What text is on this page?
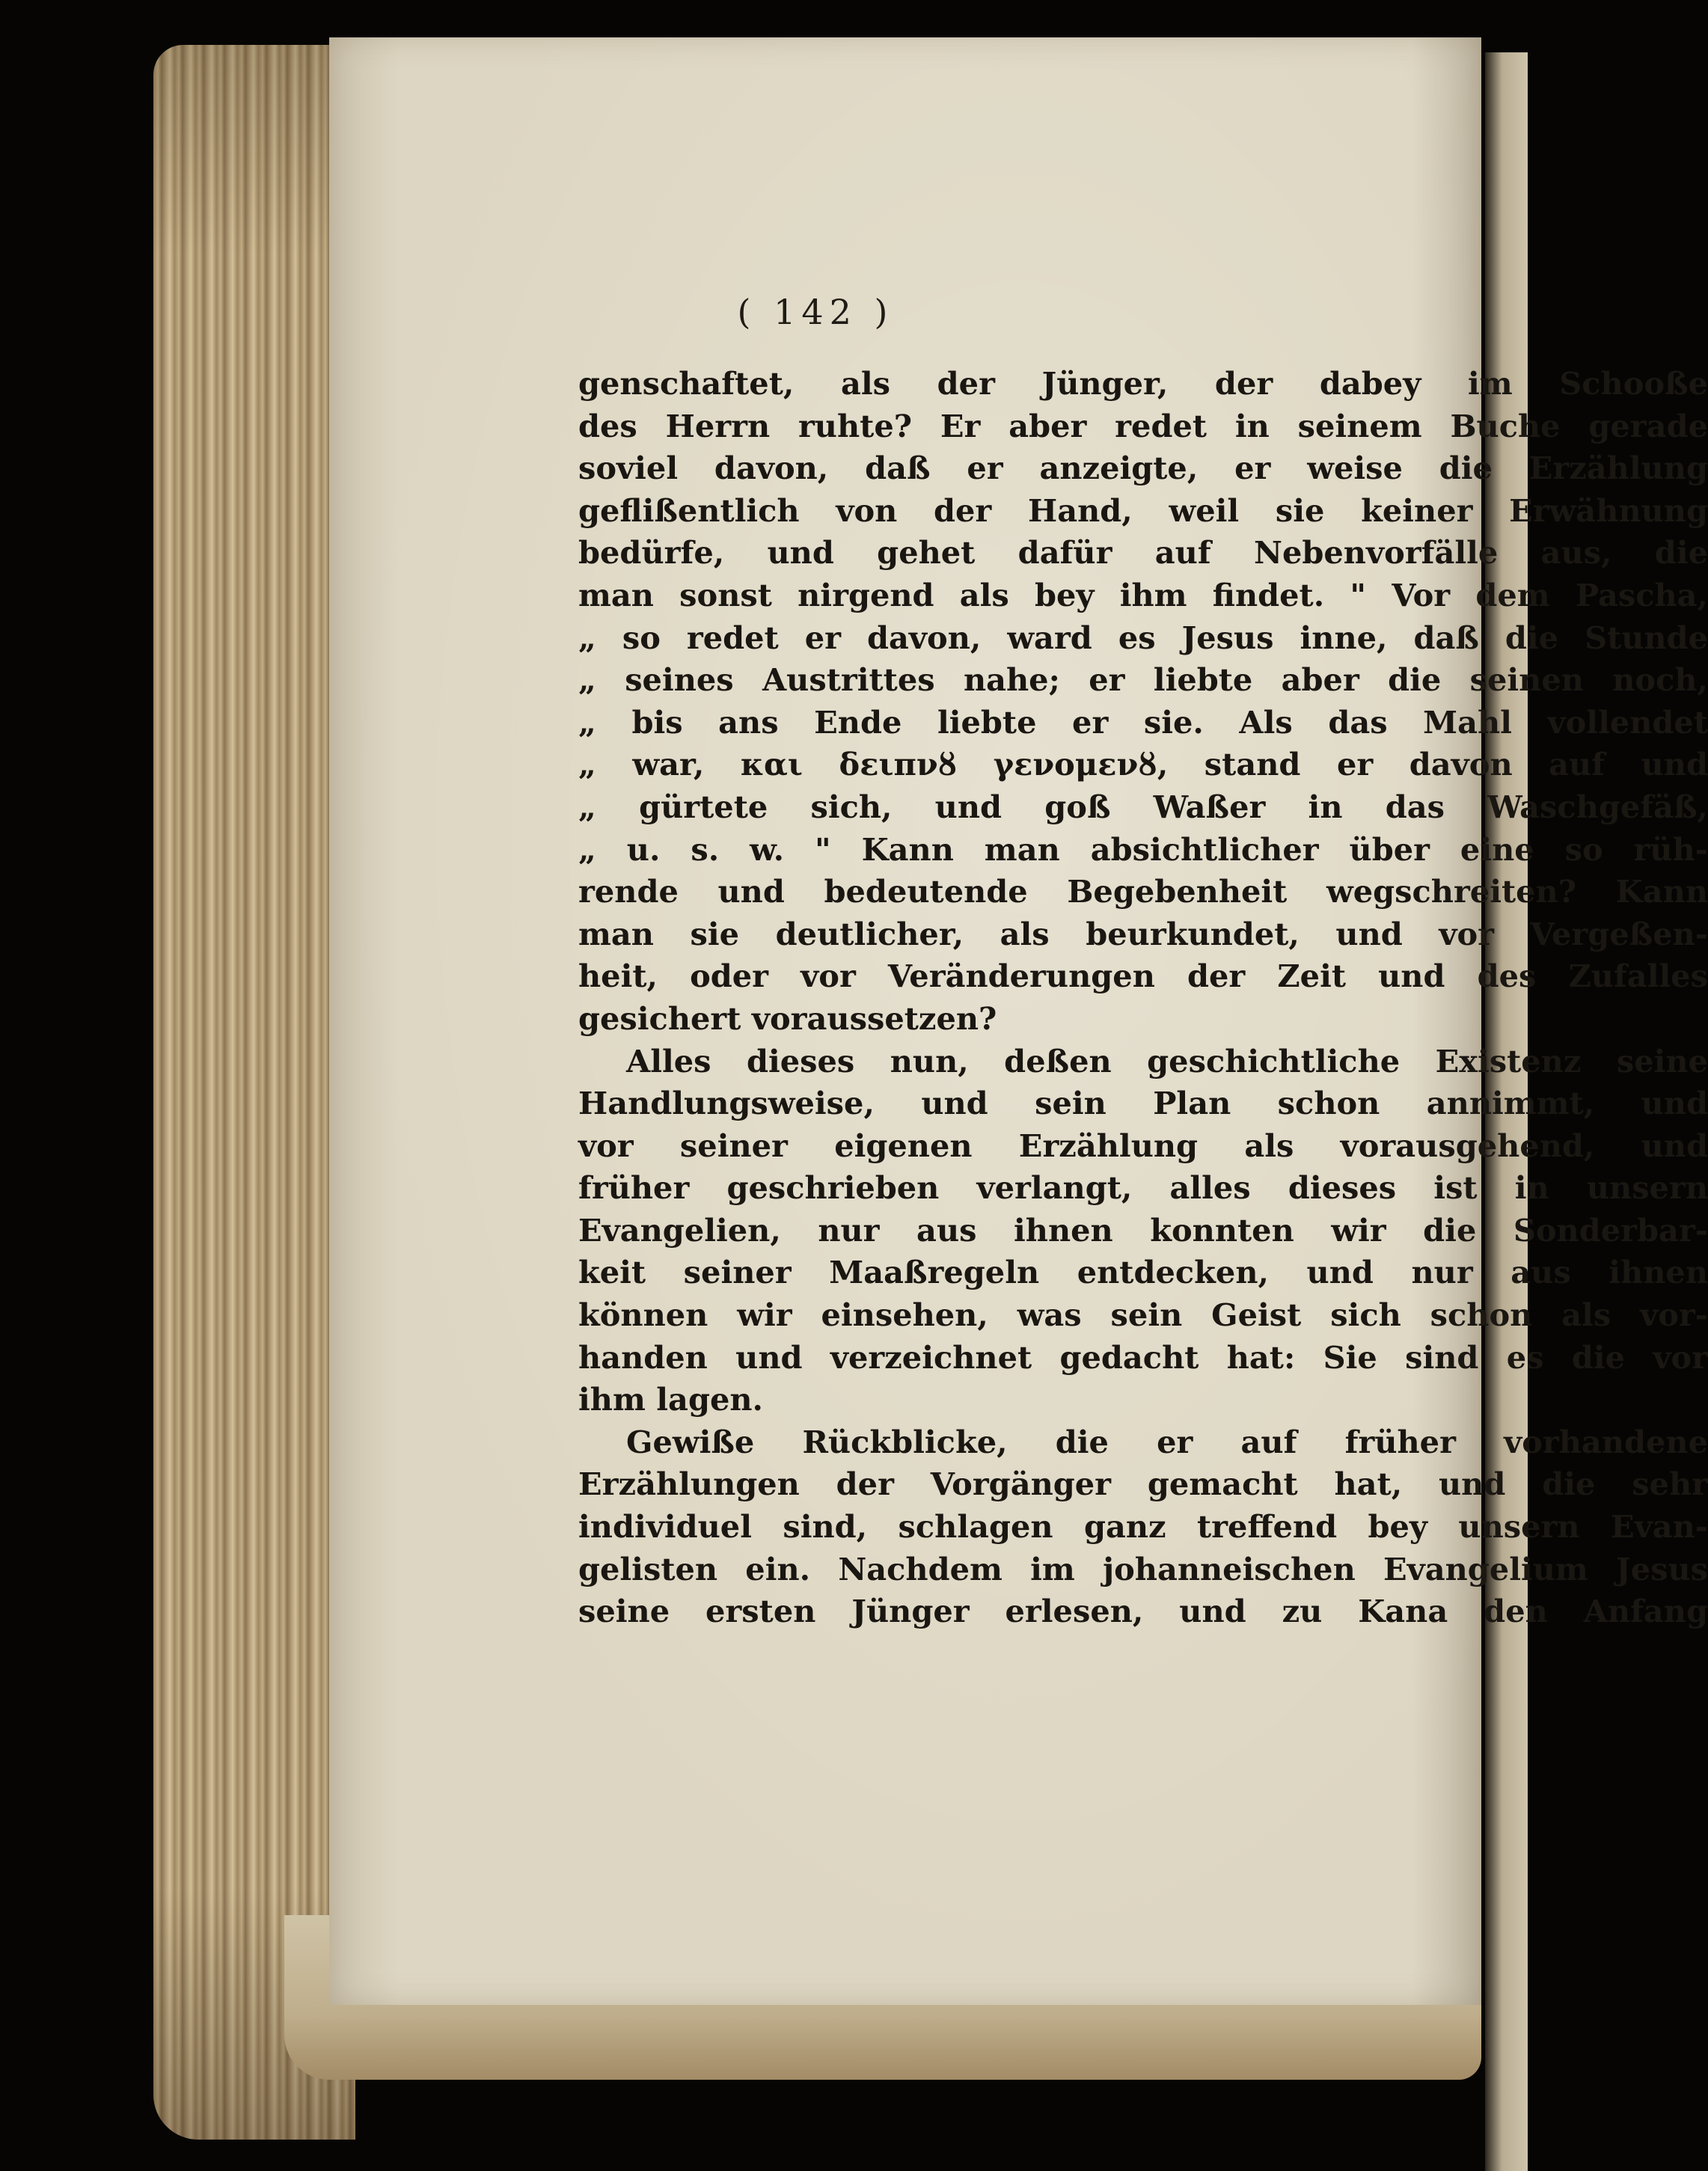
( 142 )
genschaftet, als der Jünger, der dabey im Schooße
des Herrn ruhte? Er aber redet in seinem Buche gerade
soviel davon, daß er anzeigte, er weise die Erzählung
geflißentlich von der Hand, weil sie keiner Erwähnung
bedürfe, und gehet dafür auf Nebenvorfälle aus, die
man sonst nirgend als bey ihm findet. " Vor dem Pascha,
„ so redet er davon, ward es Jesus inne, daß die Stunde
„ seines Austrittes nahe; er liebte aber die seinen noch,
„ bis ans Ende liebte er sie. Als das Mahl vollendet
„ war, και δειπνȣ γενομενȣ, stand er davon auf und
„ gürtete sich, und goß Waßer in das Waschgefäß,
„ u. s. w. " Kann man absichtlicher über eine so rüh-
rende und bedeutende Begebenheit wegschreiten? Kann
man sie deutlicher, als beurkundet, und vor Vergeßen-
heit, oder vor Veränderungen der Zeit und des Zufalles
gesichert voraussetzen?
Alles dieses nun, deßen geschichtliche Existenz seine
Handlungsweise, und sein Plan schon annimmt, und
vor seiner eigenen Erzählung als vorausgehend, und
früher geschrieben verlangt, alles dieses ist in unsern
Evangelien, nur aus ihnen konnten wir die Sonderbar-
keit seiner Maaßregeln entdecken, und nur aus ihnen
können wir einsehen, was sein Geist sich schon als vor-
handen und verzeichnet gedacht hat: Sie sind es die vor
ihm lagen.
Gewiße Rückblicke, die er auf früher vorhandene
Erzählungen der Vorgänger gemacht hat, und die sehr
individuel sind, schlagen ganz treffend bey unsern Evan-
gelisten ein. Nachdem im johanneischen Evangelium Jesus
seine ersten Jünger erlesen, und zu Kana den Anfang
